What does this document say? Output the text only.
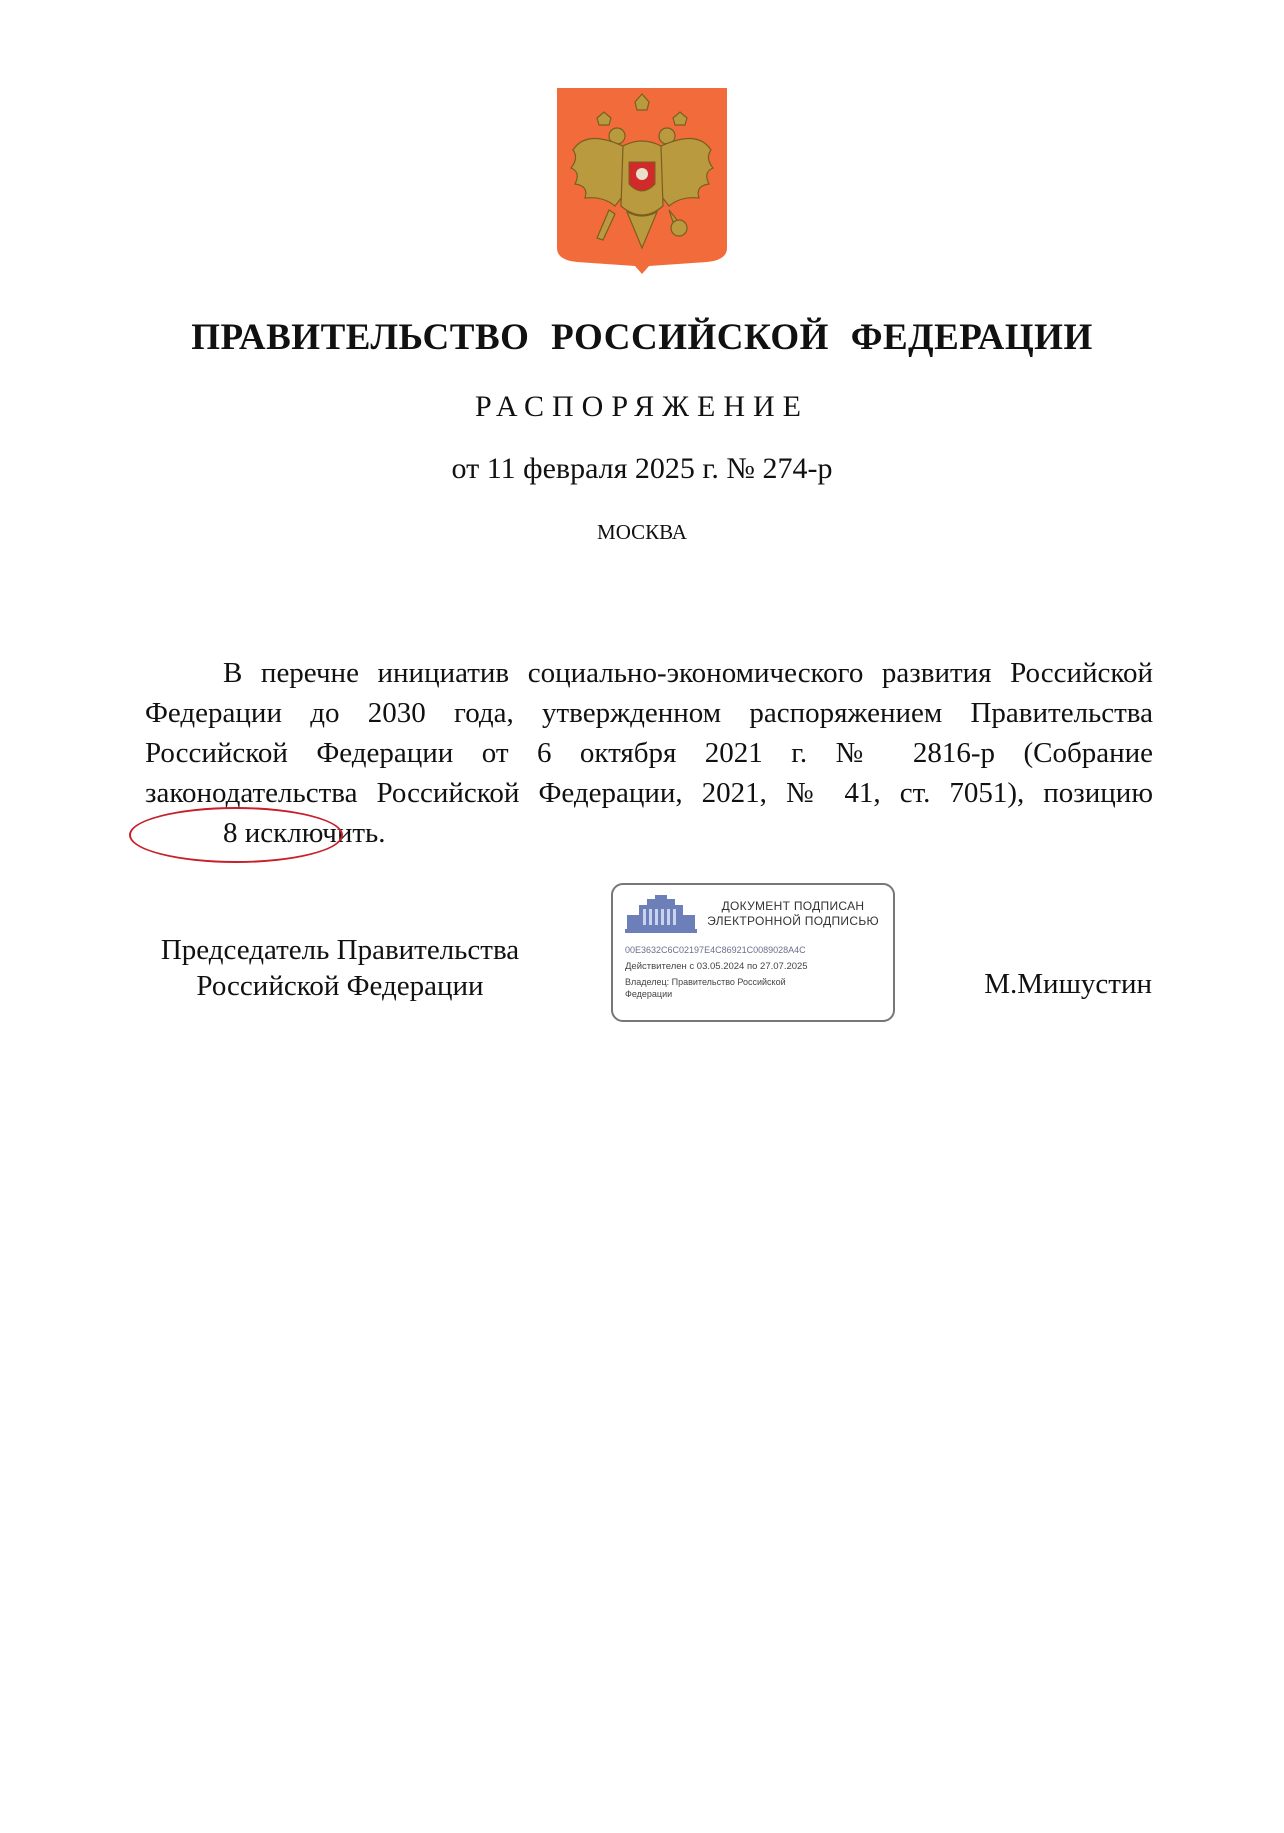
ПРАВИТЕЛЬСТВО РОССИЙСКОЙ ФЕДЕРАЦИИ
РАСПОРЯЖЕНИЕ
от 11 февраля 2025 г. № 274-р
МОСКВА

В перечне инициатив социально-экономического развития Российской Федерации до 2030 года, утвержденном распоряжением Правительства Российской Федерации от 6 октября 2021 г. № 2816-р (Собрание законодательства Российской Федерации, 2021, № 41, ст. 7051), позицию 8 исключить.

Председатель Правительства
Российской Федерации
ДОКУМЕНТ ПОДПИСАН
ЭЛЕКТРОННОЙ ПОДПИСЬЮ
00E3632C6C02197E4C86921C0089028A4C
Действителен с 03.05.2024 по 27.07.2025
Владелец: Правительство Российской Федерации	М.Мишустин
